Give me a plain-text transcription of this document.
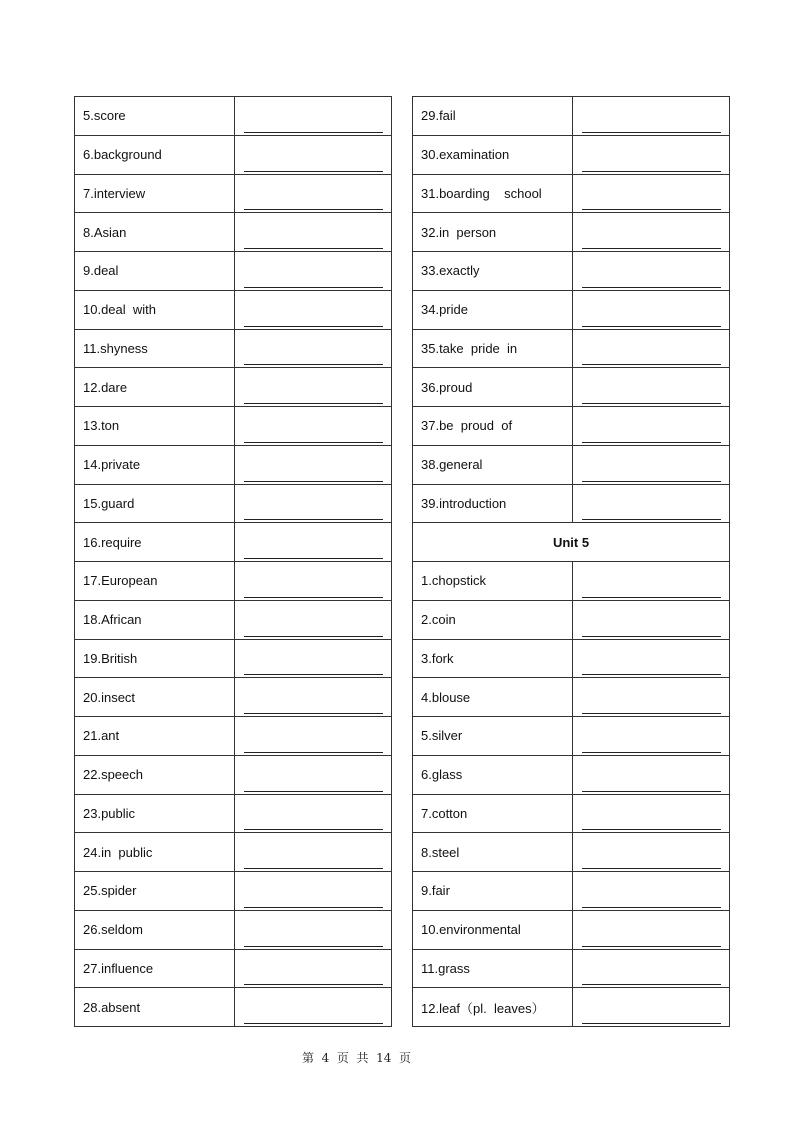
5.score	

6.background	

7.interview	

8.Asian	

9.deal	

10.deal  with	

11.shyness	

12.dare	

13.ton	

14.private	

15.guard	

16.require	

17.European	

18.African	

19.British	

20.insect	

21.ant	

22.speech	

23.public	

24.in  public	

25.spider	

26.seldom	

27.influence	

28.absent	
29.fail	

30.examination	

31.boarding    school	

32.in  person	

33.exactly	

34.pride	

35.take  pride  in	

36.proud	

37.be  proud  of	

38.general	

39.introduction	

Unit 5	
1.chopstick	

2.coin	

3.fork	

4.blouse	

5.silver	

6.glass	

7.cotton	

8.steel	

9.fair	

10.environmental	

11.grass	

12.leaf（pl.  leaves）	
第  4  页  共  14  页
